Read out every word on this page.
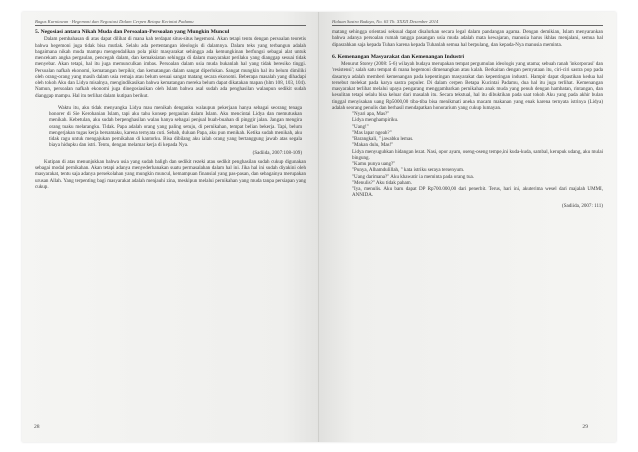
Bagus Kurniawan · Hegemoni dan Negosiasi Dalam Cerpen Betapa Kecintai Padamu
5. Negosiasi antara Nikah Muda dan Persoalan-Persoalan yang Mungkin Muncul

Dalam pembahasan di atas dapat dilihat di mana kah terdapat situs-situs hegemoni. Akan tetapi tentu dengan persoalan teoretis bahwa hegemoni juga tidak bisa mutlak. Selalu ada pertentangan ideologis di dalamnya. Dalam teks yang terbangun adalah bagaimana nikah muda mampu mengendalikan pola pikir masyarakat sehingga ada kemungkinan berfungsi sebagai alat untuk mencekam angka pergaulan, pencegah dalam, dan kemaksiatan sehingga di dalam masyarakat perilaku yang dianggap sesuai tidak menyebar. Akan tetapi, hal itu juga memunculkan imbas. Persoalan dalam usia muda bukanlah hal yang tidak beresiko tinggi. Persoalan nafkah ekonomi, kematangan berpikir, dan kematangan dalam sangat diperlukan. Sangat mungkin hal itu belum dimiliki oleh orang-orang yang masih dalam usia remaja atau belum sesuai sangat matang secara ekonomi. Beberapa masalah yang dihadapi oleh tokoh Aku dan Lidya misalnya, mengindikasikan bahwa kematangan mereka belum dapat dikatakan mapan (hlm 108, 103, 104). Namun, persoalan nafkah ekonomi juga dinegosiasikan oleh Islam bahwa asal sudah ada penghasilan walaupun sedikit sudah dianggap mampu. Hal itu terlihat dalam kutipan berikut.

Waktu itu, aku tidak menyangka Lidya mau menikah denganku walaupun pekerjaan hanya sebagai seorang tenaga honorer di Sie Kerohanian Islam, tapi aku tahu konsep pergaulan dalam Islam. Aku mencintai Lidya dan memutuskan menikah. Kebetulan, aku sudah berpenghasilan walau hanya sebagai penjual buah-buahan di pinggir jalan. Jangan mengira orang tuaku melarangku. Tidak. Papa adalah orang yang paling setuju, di pernikahan, tempat belian bekerja. Tapi, belum mengerjakan tugas kerja bersamaku, karena ternyata cuti. Sebab, duluan Papa, aku pun menikah. Ketika sudah menikah, aku tidak ragu untuk mengajukan pernikahan di kantorku. Bisa dibilang aku ialah orang yang bertanggung jawab atas segala biaya hidupku dan istri. Tentu, dengan melamar kerja di kepada Nya.

(Sadiida, 2007:108-109)

Kutipan di atas menunjukkan bahwa usia yang sudah baligh dan sedikit rezeki atau sedikit penghasilan sudah cukup digunakan sebagai modal pernikahan. Akan tetapi adanya menyederhanakan suatu permasalahan dalam hal ini. Jika hal ini sudah diyakini oleh masyarakat, tentu saja adanya persekolahan yang mungkin muncul, kemampuan finansial yang pas-pasan, dan sebagainya merupakan urusan Allah. Yang terpenting bagi masyarakat adalah menjauhi zina, meskipun melalui pernikahan yang muda tanpa persiapan yang cukup.

28
Haluan Sastra Budaya, No. 65 Th. XXXII Desember 2014

matang sehingga orientasi seksual dapat disalurkan secara legal dalam pandangan agama. Dengan demikian, Islam menyarankan bahwa adanya persoalan rumah tangga pasangan usia muda adalah mata kewajaran, manusia harus ikhlas menjalani, semua hal dipasrahkan saja kepada Tuhan karena kepada Tuhanlah semua hal berpulang, dan kepada-Nya manusia meminta.

6. Kemenangan Masyarakat dan Kemenangan Industri

Menurut Storey (2008: 5-6) wilayah budaya merupakan tempat pergumulan ideologis yang utama; sebuah ranah 'inkorporasi' dan 'resistensi'; salah satu tempat di mana hegemoni dimenangkan atau kalah. Berkaitan dengan pernyataan itu, ciri-ciri sastra pop pada dasarnya adalah memberi kemenangan pada kepentingan masyarakat dan kepentingan industri. Hampir dapat dipastikan kedua hal tersebut melekat pada karya sastra populer. Di dalam cerpen Betapa Kucintai Padamu, dua hal itu juga terlihat. Kemenangan masyarakat terlihat melalui upaya pengarang menggambarkan pernikahan anak muda yang penuh dengan hambatan, rintangan, dan kesulitan tetapi selalu bisa keluar dari masalah itu. Secara tekstual, hal itu dibuktikan pada saat tokoh Aku yang pada akhir bulan tinggal menyisakan uang Rp5000,00 tiba-tiba bisa menikmati aneka macam makanan yang enak karena ternyata istrinya (Lidya) adalah seorang penulis dan berhasil mendapatkan honorarium yang cukup lumayan.

"Nyari apa, Mas?"
Lidya menghampiriku.
"Uang!"
"Mas lapar ngeah?"
"Barangkali, " jawabku lemas.
"Makan dulu, Mas!"
Lidya menyuguhkan hidangan lezat. Nasi, opor ayam, oseng-oseng tempe,ini kuda-kuda, sambal, kerupuk udang, aku mulai bingung.
"Kamu punya uang?"
"Punya, Alhamdulillah, " kata istriku seraya tersenyum.
"Uang darimana?" Aku khawatir ia meminta pada orang tua.
"Menulis?" Aku tidak paham.
"Iya, menulis. Aku baru dapat DP Rp700.000,00 dari penerbit. Terus, hari ini, akuterima wesel dari majalah UMMI, ANNIDA.
(Sadiida, 2007: 111)
29
